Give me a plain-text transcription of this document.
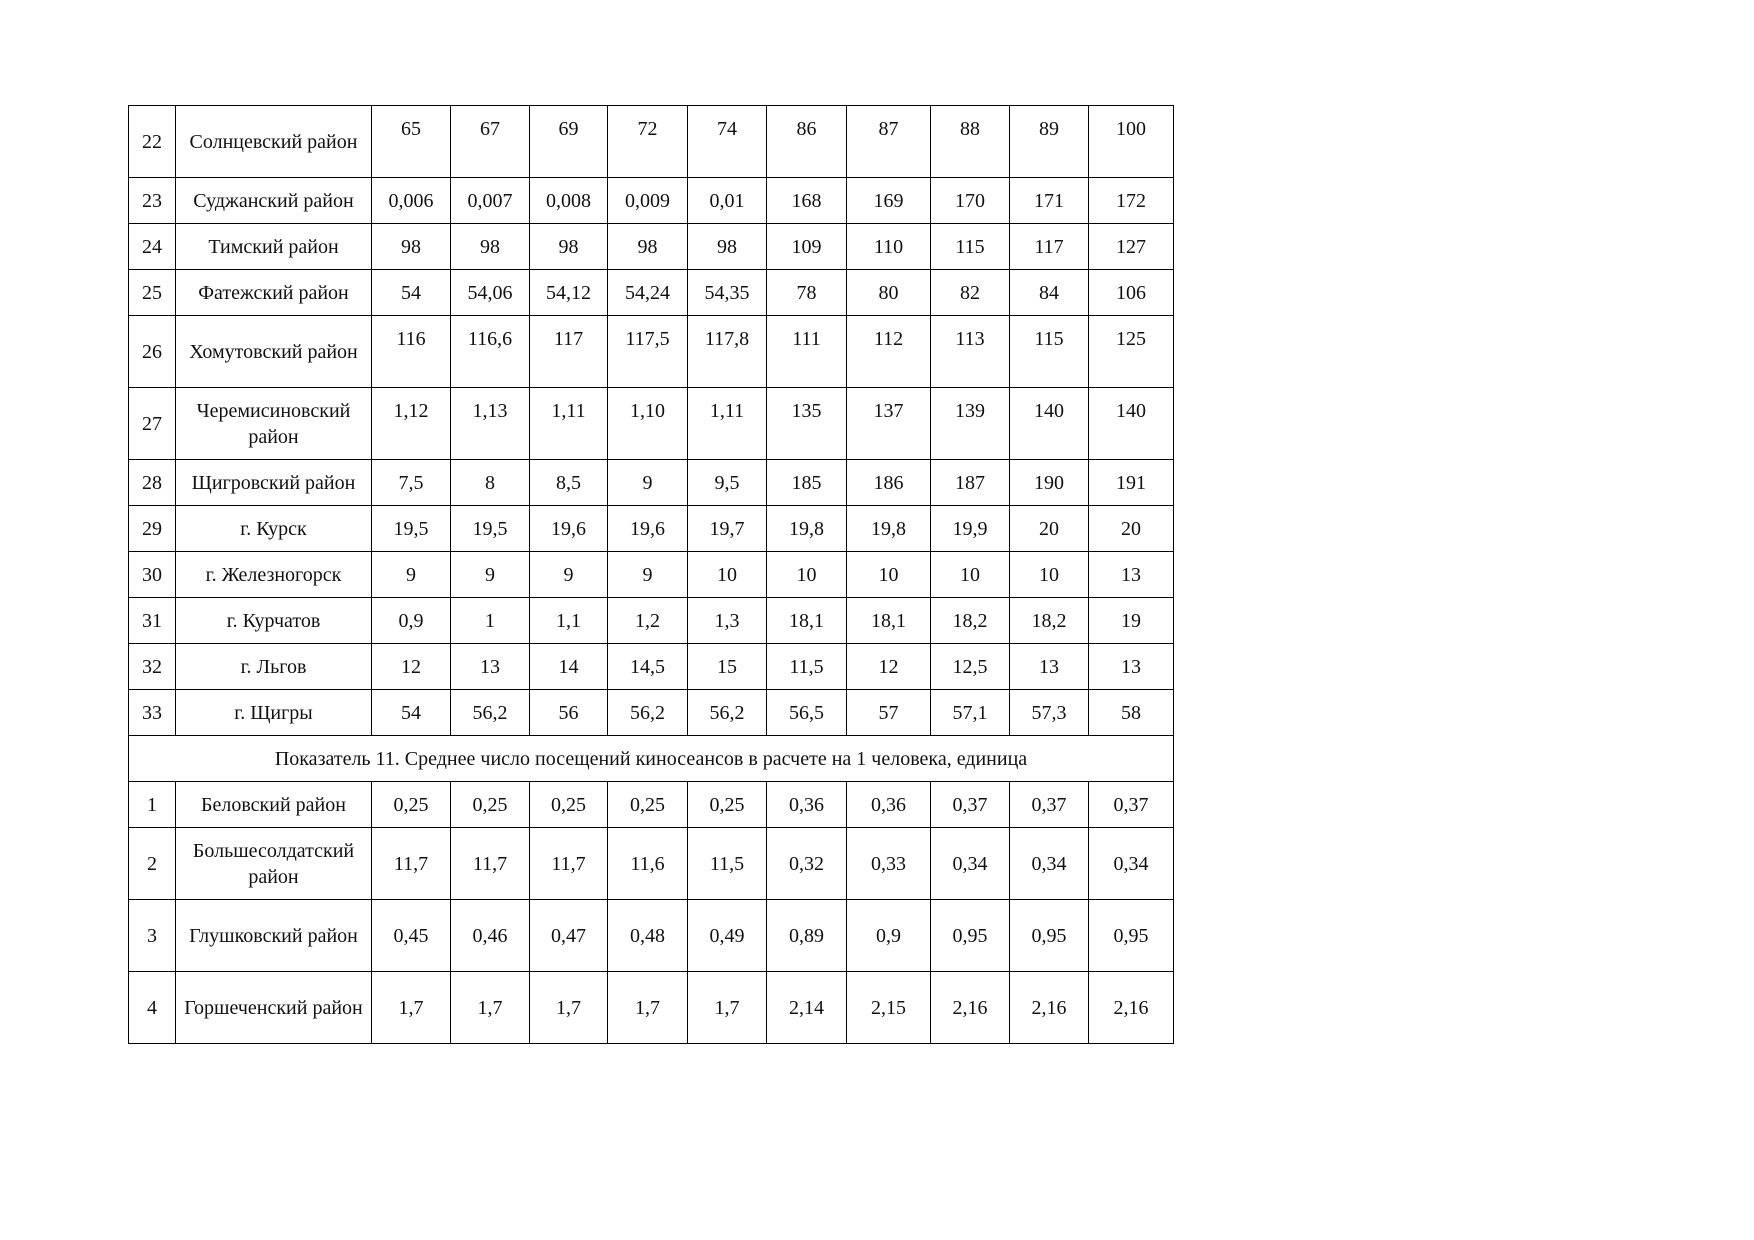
22	Солнцевский район	65	67	69	72	74	86	87	88	89	100
23	Суджанский район	0,006	0,007	0,008	0,009	0,01	168	169	170	171	172
24	Тимский район	98	98	98	98	98	109	110	115	117	127
25	Фатежский район	54	54,06	54,12	54,24	54,35	78	80	82	84	106
26	Хомутовский район	116	116,6	117	117,5	117,8	111	112	113	115	125
27	Черемисиновский район	1,12	1,13	1,11	1,10	1,11	135	137	139	140	140
28	Щигровский район	7,5	8	8,5	9	9,5	185	186	187	190	191
29	г. Курск	19,5	19,5	19,6	19,6	19,7	19,8	19,8	19,9	20	20
30	г. Железногорск	9	9	9	9	10	10	10	10	10	13
31	г. Курчатов	0,9	1	1,1	1,2	1,3	18,1	18,1	18,2	18,2	19
32	г. Льгов	12	13	14	14,5	15	11,5	12	12,5	13	13
33	г. Щигры	54	56,2	56	56,2	56,2	56,5	57	57,1	57,3	58
Показатель 11. Среднее число посещений киносеансов в расчете на 1 человека, единица											
1	Беловский район	0,25	0,25	0,25	0,25	0,25	0,36	0,36	0,37	0,37	0,37
2	Большесолдатский район	11,7	11,7	11,7	11,6	11,5	0,32	0,33	0,34	0,34	0,34
3	Глушковский район	0,45	0,46	0,47	0,48	0,49	0,89	0,9	0,95	0,95	0,95
4	Горшеченский район	1,7	1,7	1,7	1,7	1,7	2,14	2,15	2,16	2,16	2,16
